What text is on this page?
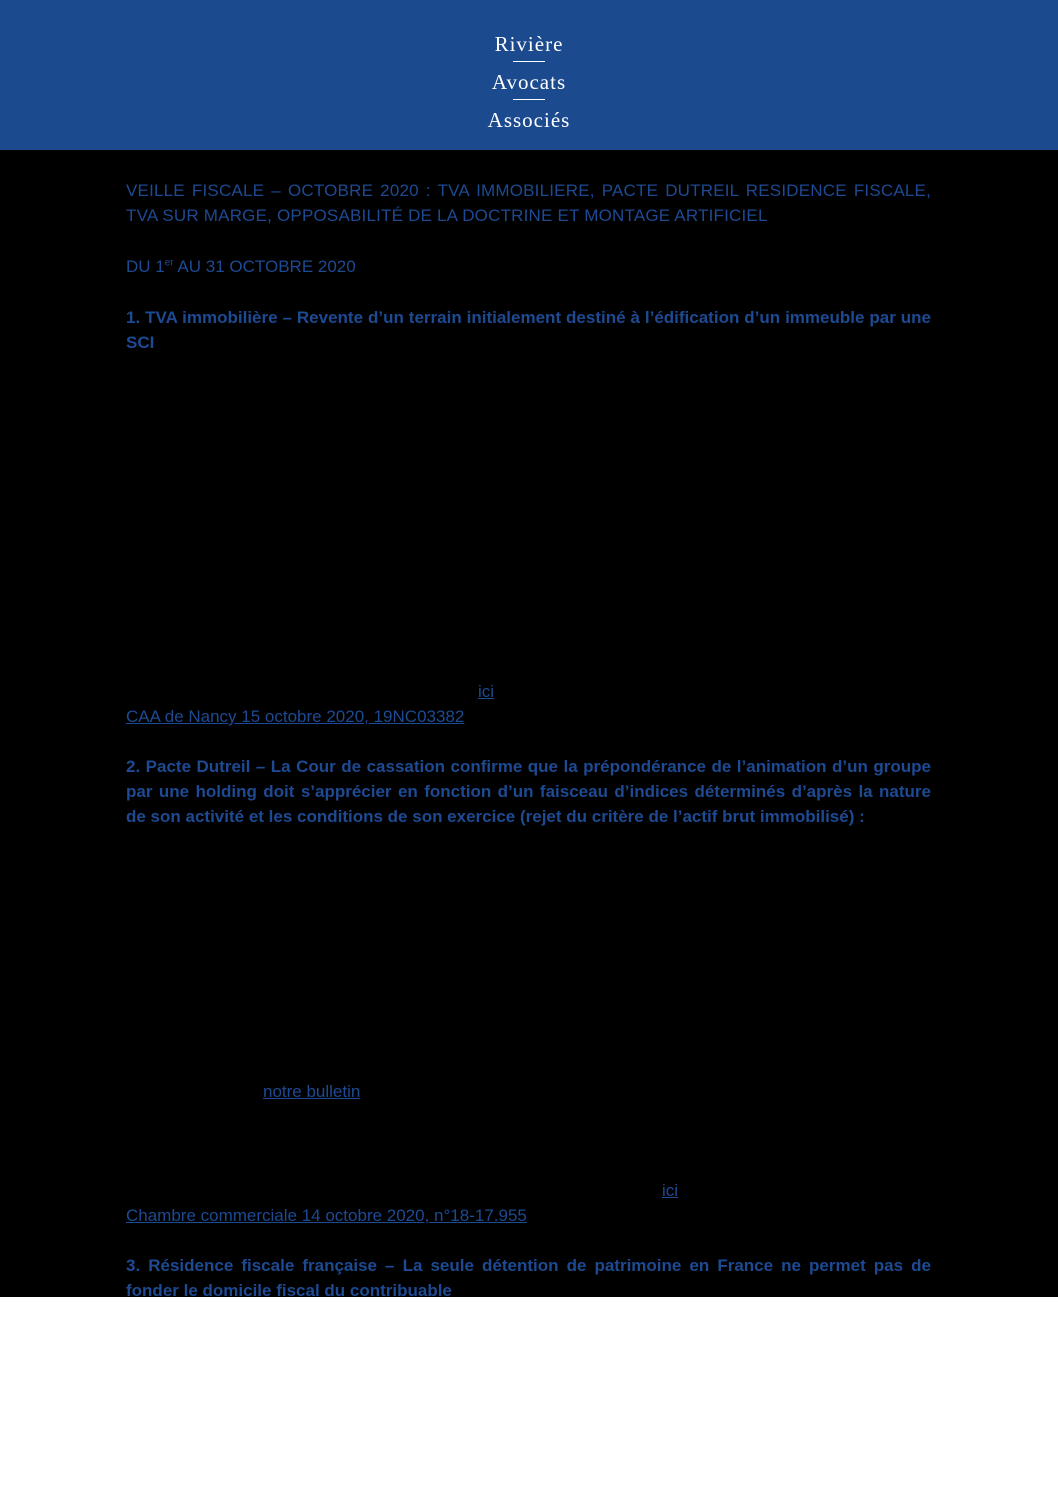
Rivière
Avocats
Associés
VEILLE FISCALE – OCTOBRE 2020 : TVA IMMOBILIERE, PACTE DUTREIL RESIDENCE FISCALE, TVA SUR MARGE, OPPOSABILITÉ DE LA DOCTRINE ET MONTAGE ARTIFICIEL
DU 1er AU 31 OCTOBRE 2020
1. TVA immobilière – Revente d’un terrain initialement destiné à l’édification d’un immeuble par une SCI
ici
CAA de Nancy 15 octobre 2020, 19NC03382
2. Pacte Dutreil – La Cour de cassation confirme que la prépondérance de l’animation d’un groupe par une holding doit s’apprécier en fonction d’un faisceau d’indices déterminés d’après la nature de son activité et les conditions de son exercice (rejet du critère de l’actif brut immobilisé) :
notre bulletin
ici
Chambre commerciale 14 octobre 2020, n°18-17.955
3. Résidence fiscale française – La seule détention de patrimoine en France ne permet pas de fonder le domicile fiscal du contribuable
